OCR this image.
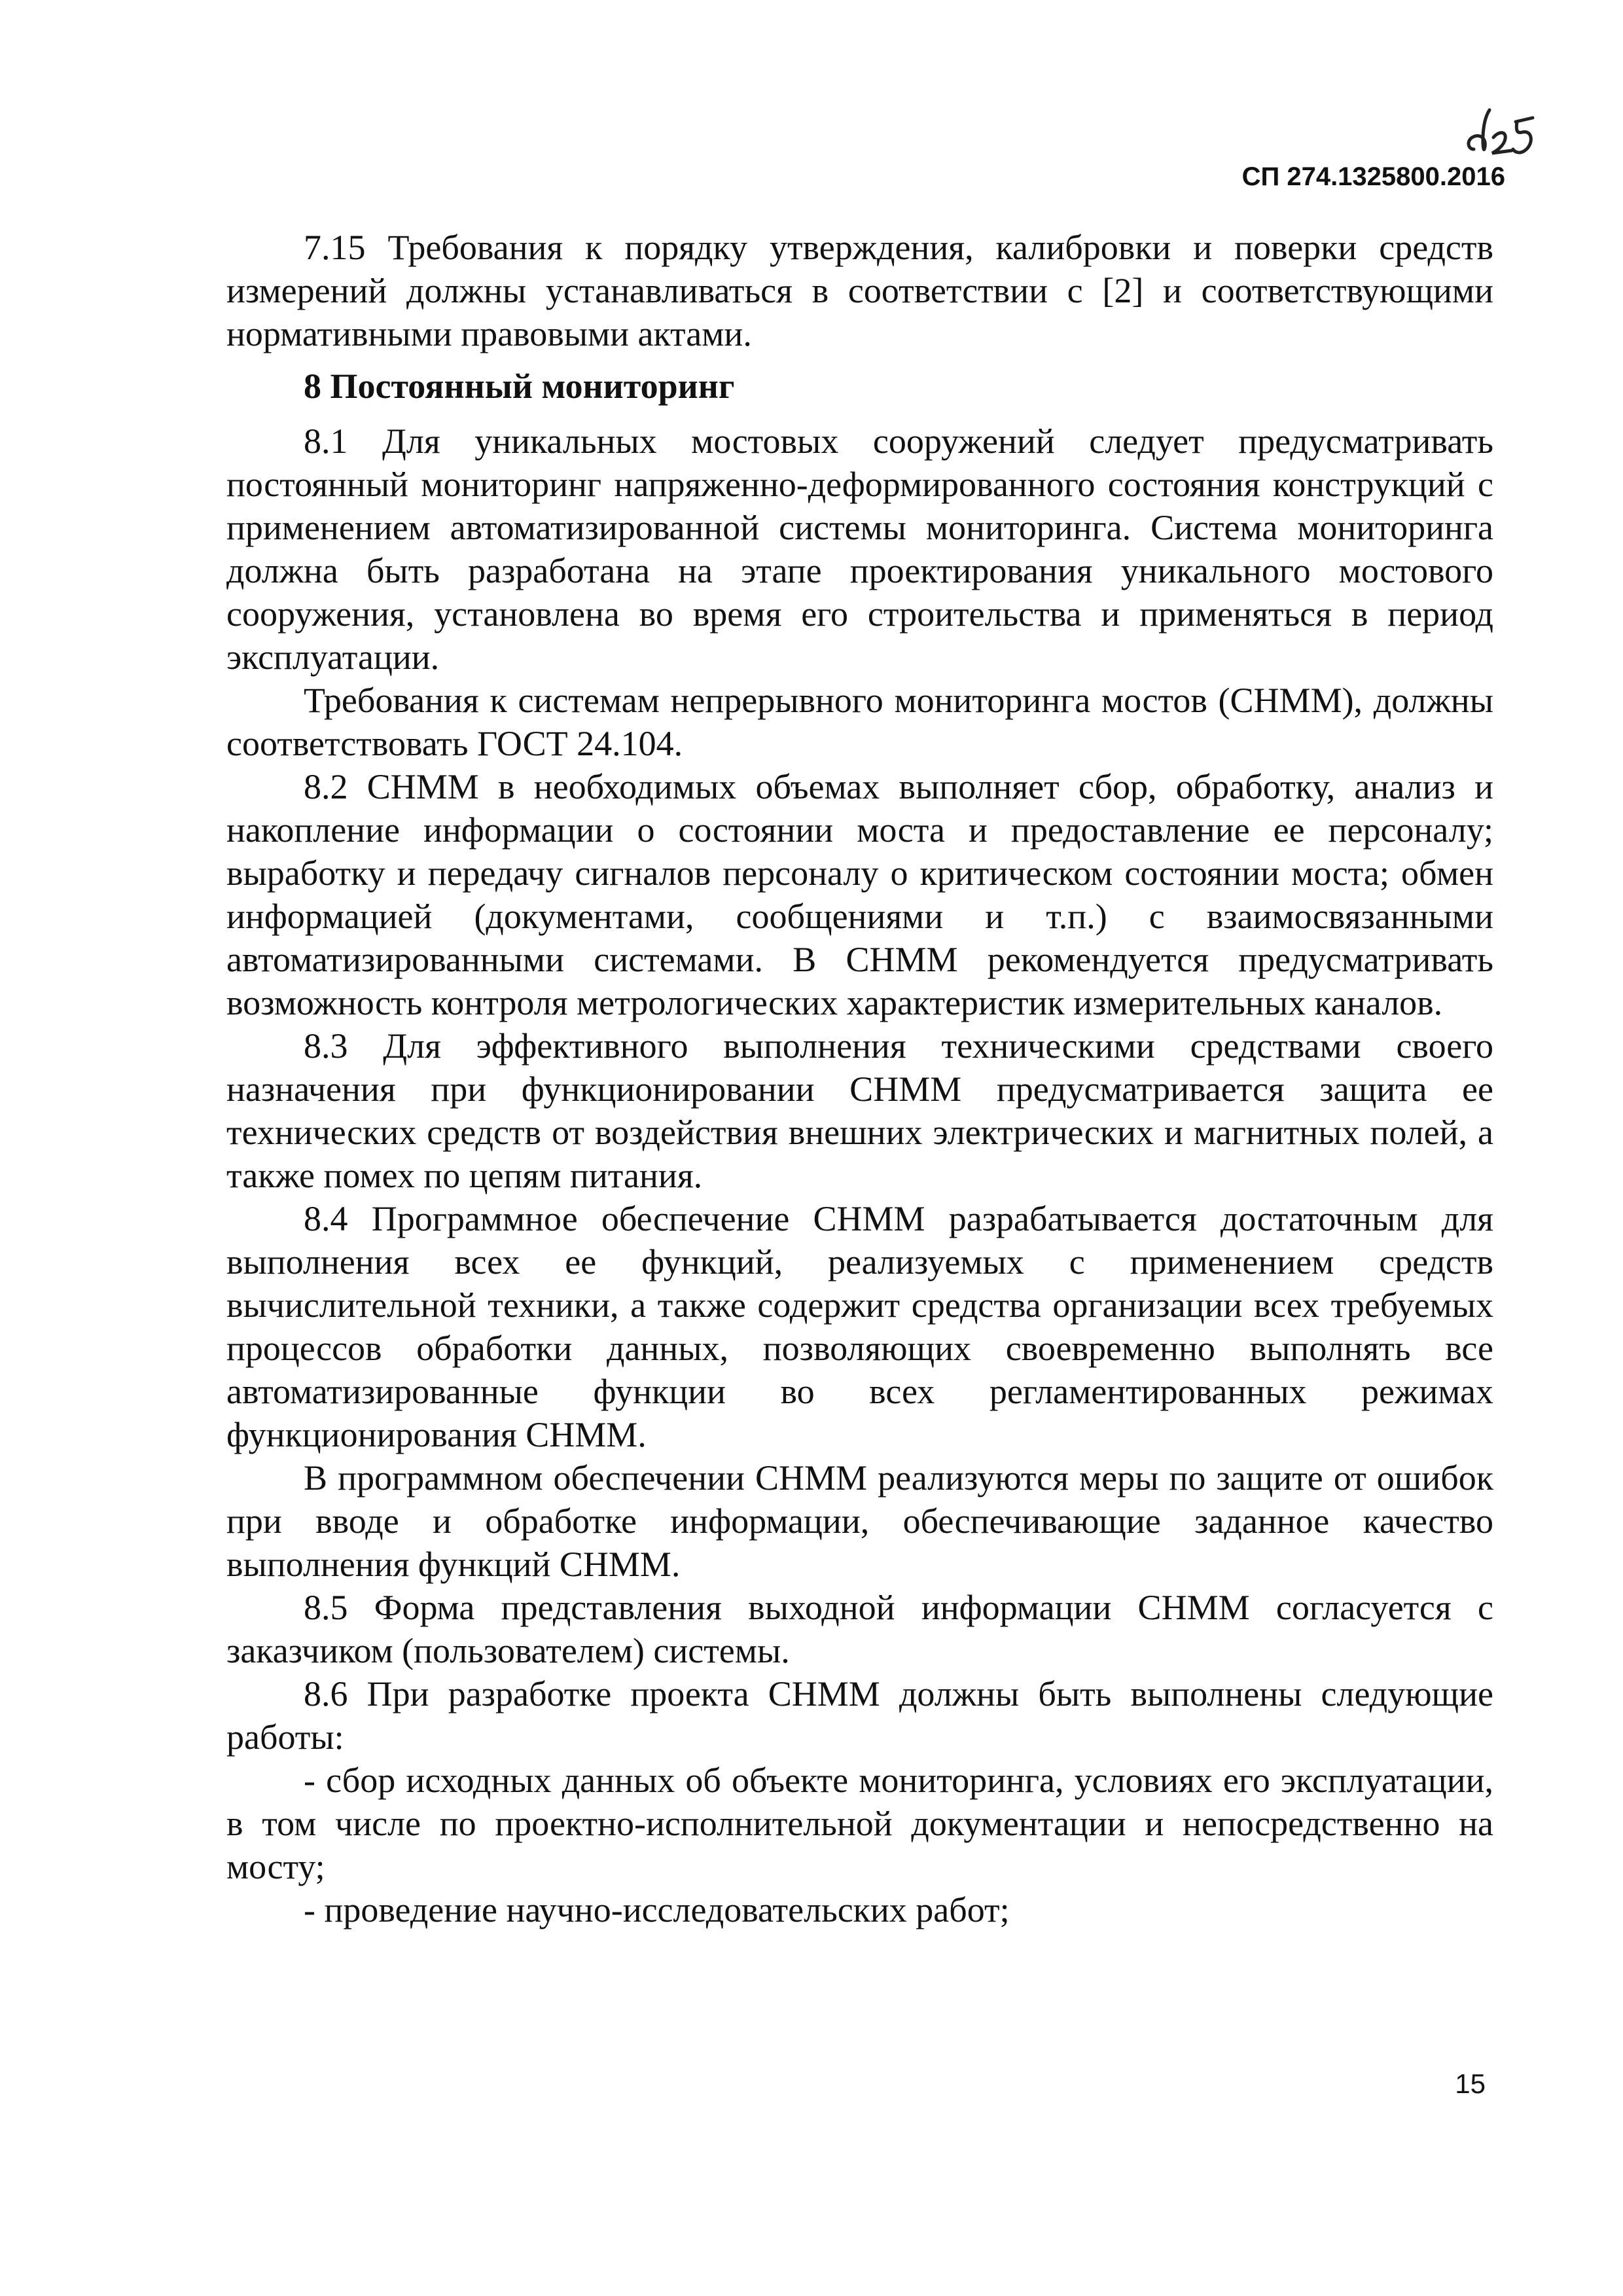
СП 274.1325800.2016

7.15 Требования к порядку утверждения, калибровки и поверки средств измерений должны устанавливаться в соответствии с [2] и соответствующими нормативными правовыми актами.

8 Постоянный мониторинг

8.1 Для уникальных мостовых сооружений следует предусматривать постоянный мониторинг напряженно-деформированного состояния конструкций с применением автоматизированной системы мониторинга. Система мониторинга должна быть разработана на этапе проектирования уникального мостового сооружения, установлена во время его строительства и применяться в период эксплуатации.

Требования к системам непрерывного мониторинга мостов (СНММ), должны соответствовать ГОСТ 24.104.

8.2 СНММ в необходимых объемах выполняет сбор, обработку, анализ и накопление информации о состоянии моста и предоставление ее персоналу; выработку и передачу сигналов персоналу о критическом состоянии моста; обмен информацией (документами, сообщениями и т.п.) с взаимосвязанными автоматизированными системами. В СНММ рекомендуется предусматривать возможность контроля метрологических характеристик измерительных каналов.

8.3 Для эффективного выполнения техническими средствами своего назначения при функционировании СНММ предусматривается защита ее технических средств от воздействия внешних электрических и магнитных полей, а также помех по цепям питания.

8.4 Программное обеспечение СНММ разрабатывается достаточным для выполнения всех ее функций, реализуемых с применением средств вычислительной техники, а также содержит средства организации всех требуемых процессов обработки данных, позволяющих своевременно выполнять все автоматизированные функции во всех регламентированных режимах функционирования СНММ.

В программном обеспечении СНММ реализуются меры по защите от ошибок при вводе и обработке информации, обеспечивающие заданное качество выполнения функций СНММ.

8.5 Форма представления выходной информации СНММ согласуется с заказчиком (пользователем) системы.

8.6 При разработке проекта СНММ должны быть выполнены следующие работы:

- сбор исходных данных об объекте мониторинга, условиях его эксплуатации, в том числе по проектно-исполнительной документации и непосредственно на мосту;

- проведение научно-исследовательских работ;

15
